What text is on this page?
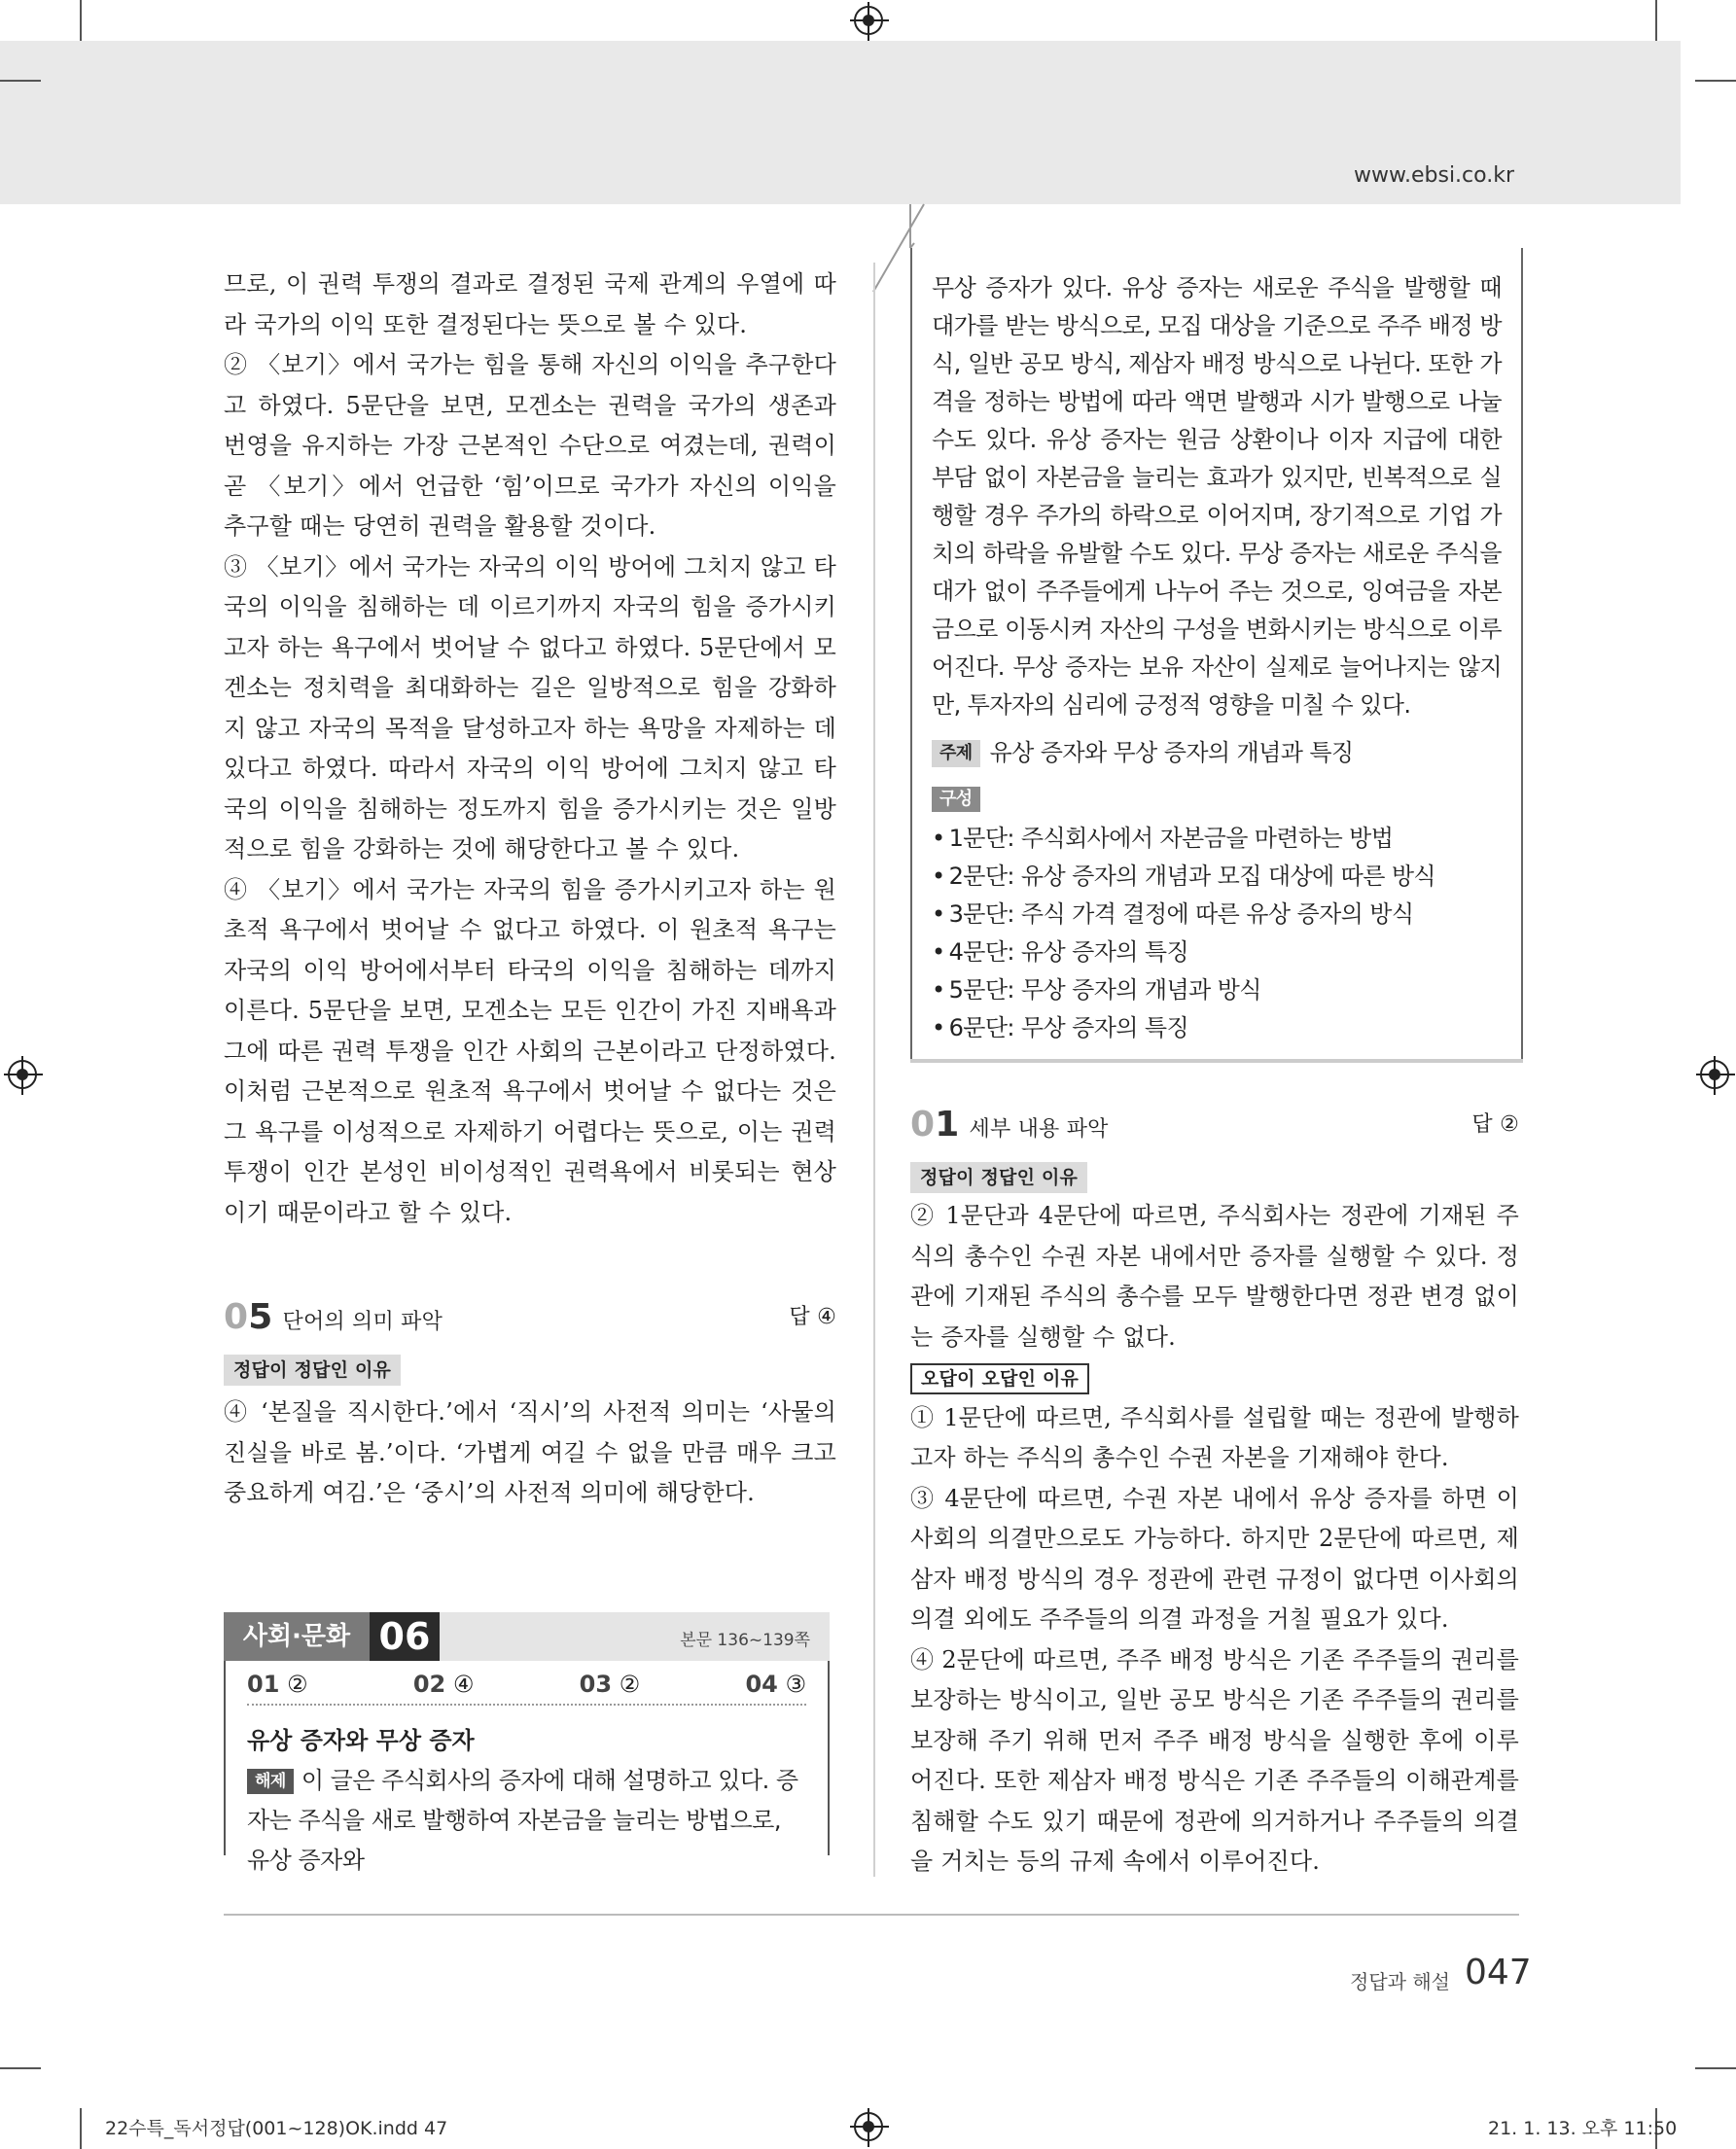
www.ebsi.co.kr

므로, 이 권력 투쟁의 결과로 결정된 국제 관계의 우열에 따라 국가의 이익 또한 결정된다는 뜻으로 볼 수 있다.

② 〈보기〉에서 국가는 힘을 통해 자신의 이익을 추구한다고 하였다. 5문단을 보면, 모겐소는 권력을 국가의 생존과 번영을 유지하는 가장 근본적인 수단으로 여겼는데, 권력이 곧 〈보기〉에서 언급한 ‘힘’이므로 국가가 자신의 이익을 추구할 때는 당연히 권력을 활용할 것이다.

③ 〈보기〉에서 국가는 자국의 이익 방어에 그치지 않고 타국의 이익을 침해하는 데 이르기까지 자국의 힘을 증가시키고자 하는 욕구에서 벗어날 수 없다고 하였다. 5문단에서 모겐소는 정치력을 최대화하는 길은 일방적으로 힘을 강화하지 않고 자국의 목적을 달성하고자 하는 욕망을 자제하는 데 있다고 하였다. 따라서 자국의 이익 방어에 그치지 않고 타국의 이익을 침해하는 정도까지 힘을 증가시키는 것은 일방적으로 힘을 강화하는 것에 해당한다고 볼 수 있다.

④ 〈보기〉에서 국가는 자국의 힘을 증가시키고자 하는 원초적 욕구에서 벗어날 수 없다고 하였다. 이 원초적 욕구는 자국의 이익 방어에서부터 타국의 이익을 침해하는 데까지 이른다. 5문단을 보면, 모겐소는 모든 인간이 가진 지배욕과 그에 따른 권력 투쟁을 인간 사회의 근본이라고 단정하였다. 이처럼 근본적으로 원초적 욕구에서 벗어날 수 없다는 것은 그 욕구를 이성적으로 자제하기 어렵다는 뜻으로, 이는 권력 투쟁이 인간 본성인 비이성적인 권력욕에서 비롯되는 현상이기 때문이라고 할 수 있다.

05 단어의 의미 파악	답 ④
정답이 정답인 이유

④ ‘본질을 직시한다.’에서 ‘직시’의 사전적 의미는 ‘사물의 진실을 바로 봄.’이다. ‘가볍게 여길 수 없을 만큼 매우 크고 중요하게 여김.’은 ‘중시’의 사전적 의미에 해당한다.

사회·문화 06	본문 136~139쪽
01 ②	02 ④	03 ②	04 ③
유상 증자와 무상 증자
해제 이 글은 주식회사의 증자에 대해 설명하고 있다. 증자는 주식을 새로 발행하여 자본금을 늘리는 방법으로, 유상 증자와

무상 증자가 있다. 유상 증자는 새로운 주식을 발행할 때 대가를 받는 방식으로, 모집 대상을 기준으로 주주 배정 방식, 일반 공모 방식, 제삼자 배정 방식으로 나뉜다. 또한 가격을 정하는 방법에 따라 액면 발행과 시가 발행으로 나눌 수도 있다. 유상 증자는 원금 상환이나 이자 지급에 대한 부담 없이 자본금을 늘리는 효과가 있지만, 빈복적으로 실행할 경우 주가의 하락으로 이어지며, 장기적으로 기업 가치의 하락을 유발할 수도 있다. 무상 증자는 새로운 주식을 대가 없이 주주들에게 나누어 주는 것으로, 잉여금을 자본금으로 이동시켜 자산의 구성을 변화시키는 방식으로 이루어진다. 무상 증자는 보유 자산이 실제로 늘어나지는 않지만, 투자자의 심리에 긍정적 영향을 미칠 수 있다.

주제 유상 증자와 무상 증자의 개념과 특징
구성
• 1문단: 주식회사에서 자본금을 마련하는 방법
• 2문단: 유상 증자의 개념과 모집 대상에 따른 방식
• 3문단: 주식 가격 결정에 따른 유상 증자의 방식
• 4문단: 유상 증자의 특징
• 5문단: 무상 증자의 개념과 방식
• 6문단: 무상 증자의 특징
01 세부 내용 파악	답 ②
정답이 정답인 이유

② 1문단과 4문단에 따르면, 주식회사는 정관에 기재된 주식의 총수인 수권 자본 내에서만 증자를 실행할 수 있다. 정관에 기재된 주식의 총수를 모두 발행한다면 정관 변경 없이는 증자를 실행할 수 없다.

오답이 오답인 이유

① 1문단에 따르면, 주식회사를 설립할 때는 정관에 발행하고자 하는 주식의 총수인 수권 자본을 기재해야 한다.

③ 4문단에 따르면, 수권 자본 내에서 유상 증자를 하면 이사회의 의결만으로도 가능하다. 하지만 2문단에 따르면, 제삼자 배정 방식의 경우 정관에 관련 규정이 없다면 이사회의 의결 외에도 주주들의 의결 과정을 거칠 필요가 있다.

④ 2문단에 따르면, 주주 배정 방식은 기존 주주들의 권리를 보장하는 방식이고, 일반 공모 방식은 기존 주주들의 권리를 보장해 주기 위해 먼저 주주 배정 방식을 실행한 후에 이루어진다. 또한 제삼자 배정 방식은 기존 주주들의 이해관계를 침해할 수도 있기 때문에 정관에 의거하거나 주주들의 의결을 거치는 등의 규제 속에서 이루어진다.

정답과 해설 047
22수특_독서정답(001~128)OK.indd 47	21. 1. 13. 오후 11:50
